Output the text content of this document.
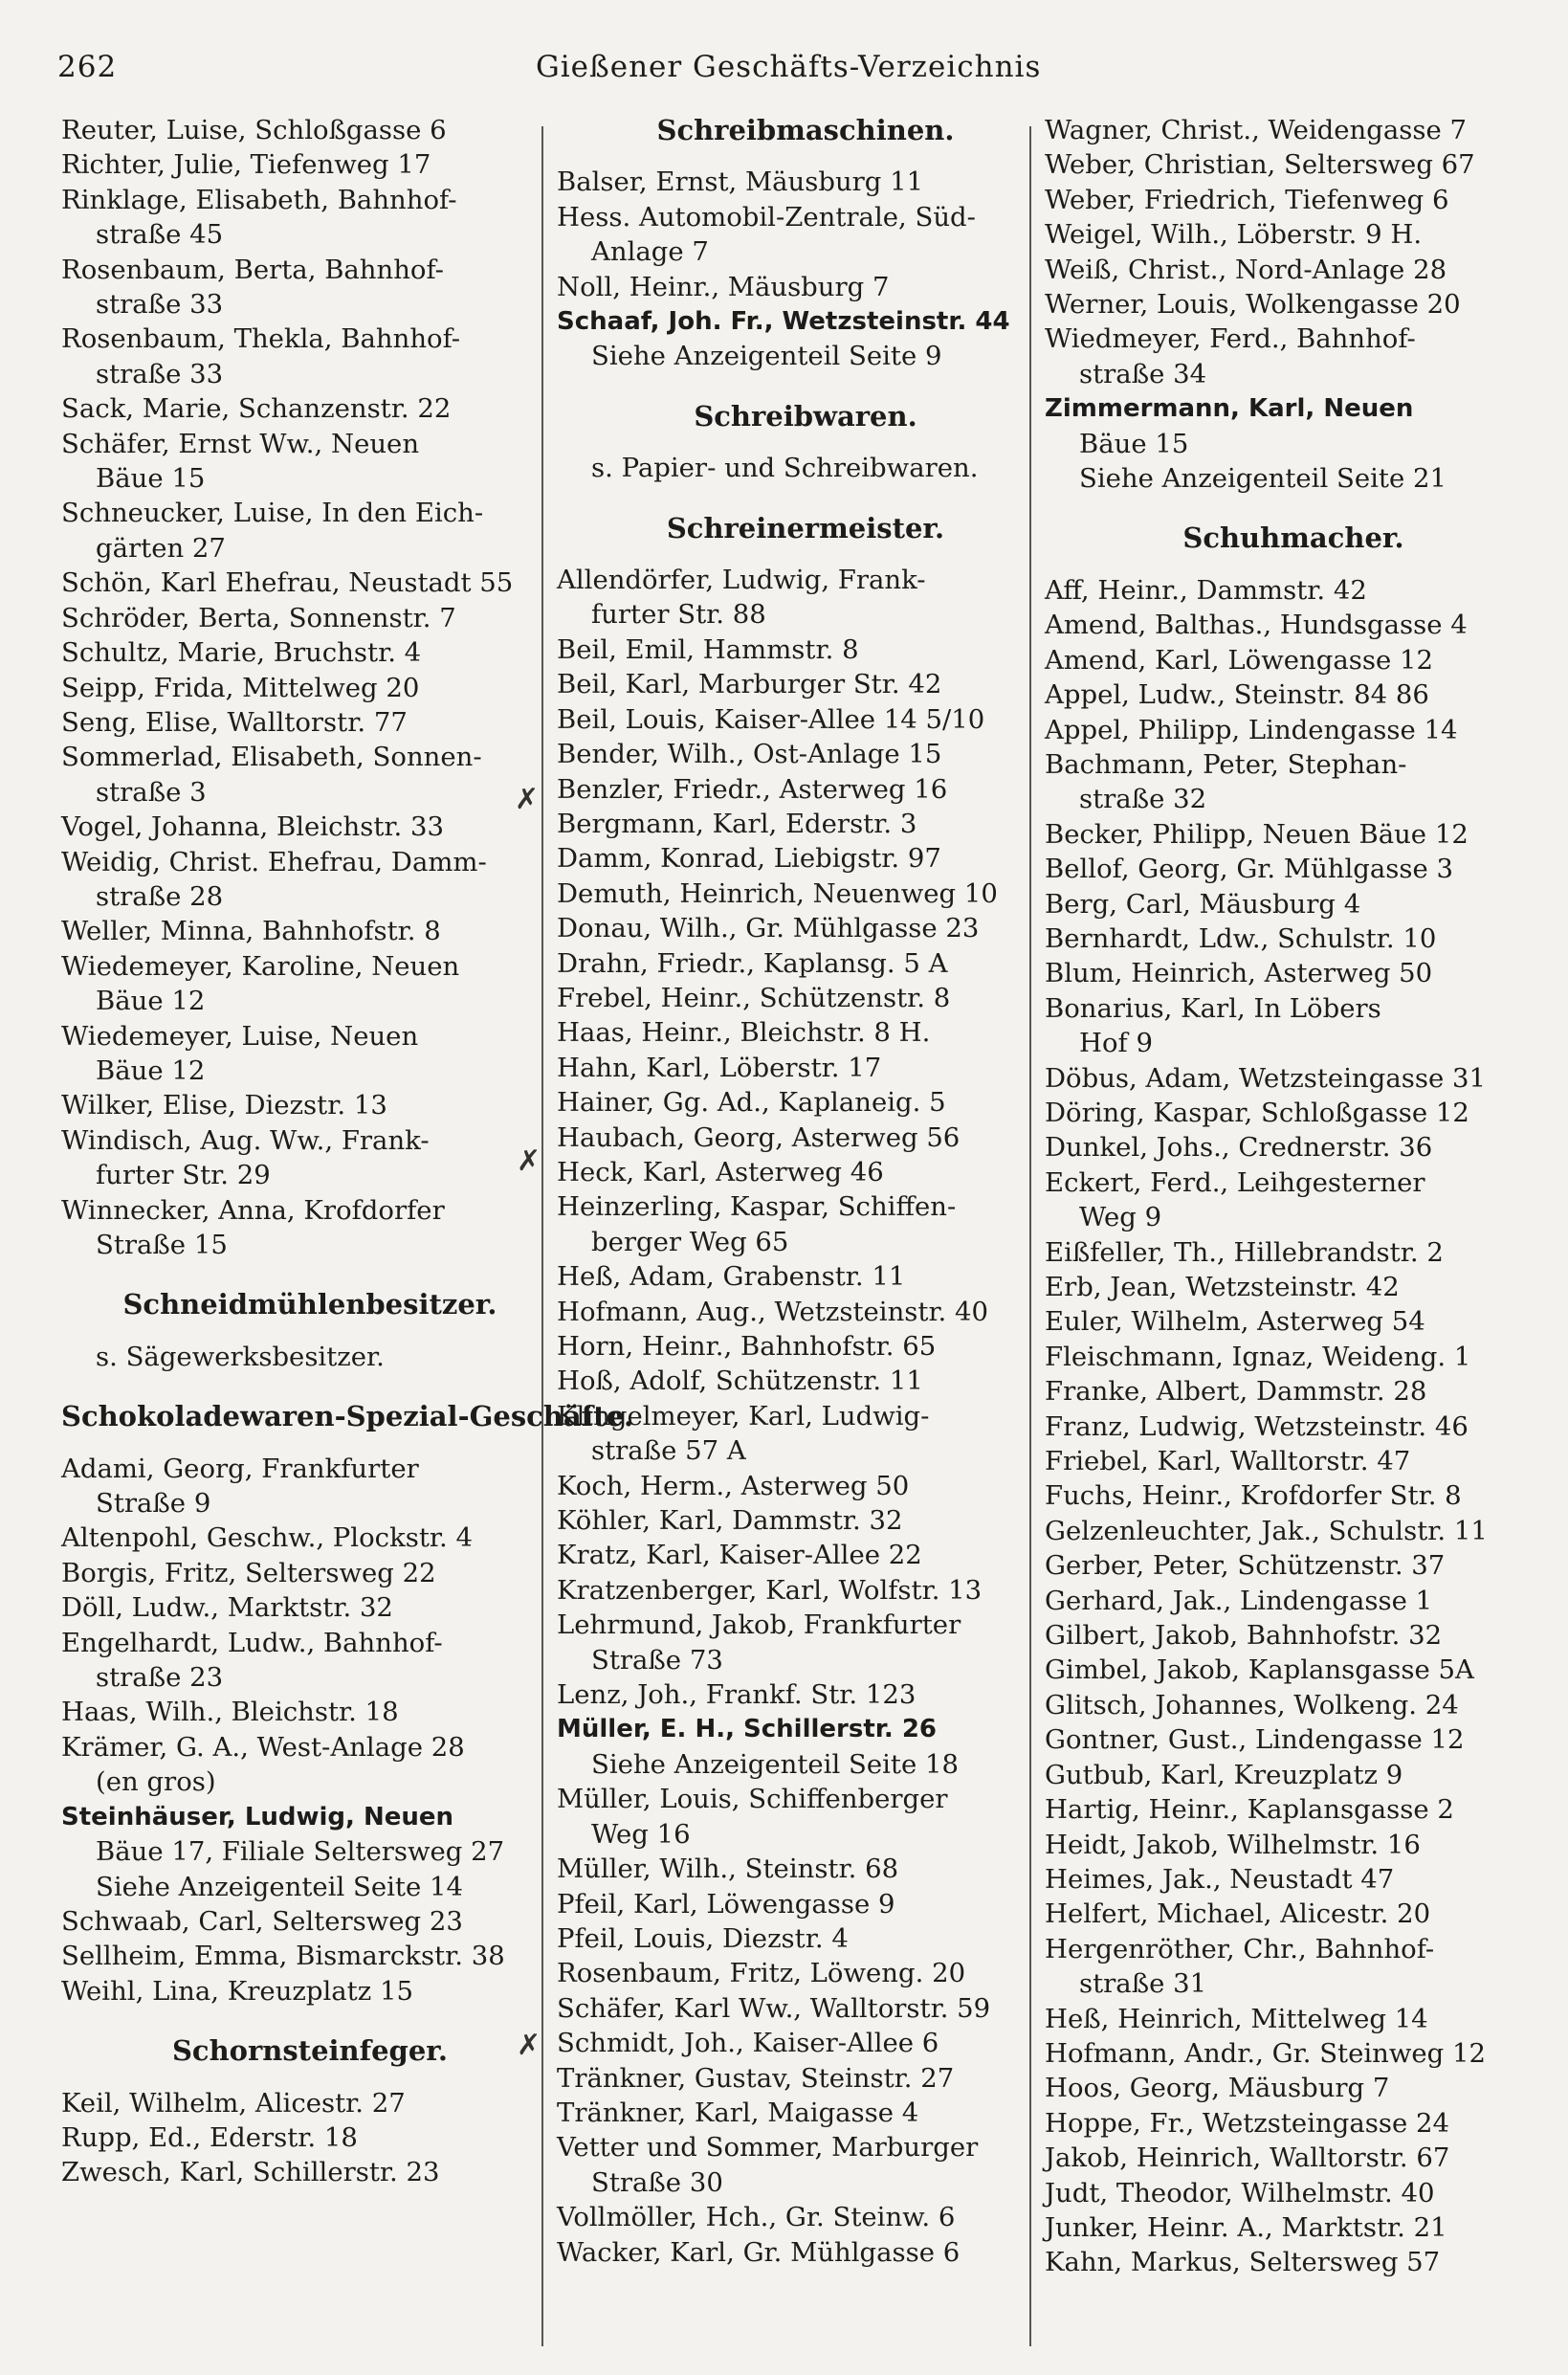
262	Gießener Geschäfts-Verzeichnis
Reuter, Luise, Schloßgasse 6
Richter, Julie, Tiefenweg 17
Rinklage, Elisabeth, Bahnhof-
straße 45
Rosenbaum, Berta, Bahnhof-
straße 33
Rosenbaum, Thekla, Bahnhof-
straße 33
Sack, Marie, Schanzenstr. 22
Schäfer, Ernst Ww., Neuen
Bäue 15
Schneucker, Luise, In den Eich-
gärten 27
Schön, Karl Ehefrau, Neustadt 55
Schröder, Berta, Sonnenstr. 7
Schultz, Marie, Bruchstr. 4
Seipp, Frida, Mittelweg 20
Seng, Elise, Walltorstr. 77
Sommerlad, Elisabeth, Sonnen-
straße 3
Vogel, Johanna, Bleichstr. 33
Weidig, Christ. Ehefrau, Damm-
straße 28
Weller, Minna, Bahnhofstr. 8
Wiedemeyer, Karoline, Neuen
Bäue 12
Wiedemeyer, Luise, Neuen
Bäue 12
Wilker, Elise, Diezstr. 13
Windisch, Aug. Ww., Frank-
furter Str. 29
Winnecker, Anna, Krofdorfer
Straße 15
Schneidmühlenbesitzer.
s. Sägewerksbesitzer.
Schokoladewaren-Spezial-Geschäfte.
Adami, Georg, Frankfurter
Straße 9
Altenpohl, Geschw., Plockstr. 4
Borgis, Fritz, Seltersweg 22
Döll, Ludw., Marktstr. 32
Engelhardt, Ludw., Bahnhof-
straße 23
Haas, Wilh., Bleichstr. 18
Krämer, G. A., West-Anlage 28
(en gros)
Steinhäuser, Ludwig, Neuen
Bäue 17, Filiale Seltersweg 27
Siehe Anzeigenteil Seite 14
Schwaab, Carl, Seltersweg 23
Sellheim, Emma, Bismarckstr. 38
Weihl, Lina, Kreuzplatz 15
Schornsteinfeger.
Keil, Wilhelm, Alicestr. 27
Rupp, Ed., Ederstr. 18
Zwesch, Karl, Schillerstr. 23
Schreibmaschinen.
Balser, Ernst, Mäusburg 11
Hess. Automobil-Zentrale, Süd-
Anlage 7
Noll, Heinr., Mäusburg 7
Schaaf, Joh. Fr., Wetzsteinstr. 44
Siehe Anzeigenteil Seite 9
Schreibwaren.
s. Papier- und Schreibwaren.
Schreinermeister.
Allendörfer, Ludwig, Frank-
furter Str. 88
Beil, Emil, Hammstr. 8
Beil, Karl, Marburger Str. 42
Beil, Louis, Kaiser-Allee 14 5/10
Bender, Wilh., Ost-Anlage 15
Benzler, Friedr., Asterweg 16
Bergmann, Karl, Ederstr. 3
Damm, Konrad, Liebigstr. 97
Demuth, Heinrich, Neuenweg 10
Donau, Wilh., Gr. Mühlgasse 23
Drahn, Friedr., Kaplansg. 5 A
Frebel, Heinr., Schützenstr. 8
Haas, Heinr., Bleichstr. 8 H.
Hahn, Karl, Löberstr. 17
Hainer, Gg. Ad., Kaplaneig. 5
Haubach, Georg, Asterweg 56
Heck, Karl, Asterweg 46
Heinzerling, Kaspar, Schiffen-
berger Weg 65
Heß, Adam, Grabenstr. 11
Hofmann, Aug., Wetzsteinstr. 40
Horn, Heinr., Bahnhofstr. 65
Hoß, Adolf, Schützenstr. 11
Klingelmeyer, Karl, Ludwig-
straße 57 A
Koch, Herm., Asterweg 50
Köhler, Karl, Dammstr. 32
Kratz, Karl, Kaiser-Allee 22
Kratzenberger, Karl, Wolfstr. 13
Lehrmund, Jakob, Frankfurter
Straße 73
Lenz, Joh., Frankf. Str. 123
Müller, E. H., Schillerstr. 26
Siehe Anzeigenteil Seite 18
Müller, Louis, Schiffenberger
Weg 16
Müller, Wilh., Steinstr. 68
Pfeil, Karl, Löwengasse 9
Pfeil, Louis, Diezstr. 4
Rosenbaum, Fritz, Löweng. 20
Schäfer, Karl Ww., Walltorstr. 59
Schmidt, Joh., Kaiser-Allee 6
Tränkner, Gustav, Steinstr. 27
Tränkner, Karl, Maigasse 4
Vetter und Sommer, Marburger
Straße 30
Vollmöller, Hch., Gr. Steinw. 6
Wacker, Karl, Gr. Mühlgasse 6
Wagner, Christ., Weidengasse 7
Weber, Christian, Seltersweg 67
Weber, Friedrich, Tiefenweg 6
Weigel, Wilh., Löberstr. 9 H.
Weiß, Christ., Nord-Anlage 28
Werner, Louis, Wolkengasse 20
Wiedmeyer, Ferd., Bahnhof-
straße 34
Zimmermann, Karl, Neuen
Bäue 15
Siehe Anzeigenteil Seite 21
Schuhmacher.
Aff, Heinr., Dammstr. 42
Amend, Balthas., Hundsgasse 4
Amend, Karl, Löwengasse 12
Appel, Ludw., Steinstr. 84 86
Appel, Philipp, Lindengasse 14
Bachmann, Peter, Stephan-
straße 32
Becker, Philipp, Neuen Bäue 12
Bellof, Georg, Gr. Mühlgasse 3
Berg, Carl, Mäusburg 4
Bernhardt, Ldw., Schulstr. 10
Blum, Heinrich, Asterweg 50
Bonarius, Karl, In Löbers
Hof 9
Döbus, Adam, Wetzsteingasse 31
Döring, Kaspar, Schloßgasse 12
Dunkel, Johs., Crednerstr. 36
Eckert, Ferd., Leihgesterner
Weg 9
Eißfeller, Th., Hillebrandstr. 2
Erb, Jean, Wetzsteinstr. 42
Euler, Wilhelm, Asterweg 54
Fleischmann, Ignaz, Weideng. 1
Franke, Albert, Dammstr. 28
Franz, Ludwig, Wetzsteinstr. 46
Friebel, Karl, Walltorstr. 47
Fuchs, Heinr., Krofdorfer Str. 8
Gelzenleuchter, Jak., Schulstr. 11
Gerber, Peter, Schützenstr. 37
Gerhard, Jak., Lindengasse 1
Gilbert, Jakob, Bahnhofstr. 32
Gimbel, Jakob, Kaplansgasse 5A
Glitsch, Johannes, Wolkeng. 24
Gontner, Gust., Lindengasse 12
Gutbub, Karl, Kreuzplatz 9
Hartig, Heinr., Kaplansgasse 2
Heidt, Jakob, Wilhelmstr. 16
Heimes, Jak., Neustadt 47
Helfert, Michael, Alicestr. 20
Hergenröther, Chr., Bahnhof-
straße 31
Heß, Heinrich, Mittelweg 14
Hofmann, Andr., Gr. Steinweg 12
Hoos, Georg, Mäusburg 7
Hoppe, Fr., Wetzsteingasse 24
Jakob, Heinrich, Walltorstr. 67
Judt, Theodor, Wilhelmstr. 40
Junker, Heinr. A., Marktstr. 21
Kahn, Markus, Seltersweg 57
✗
✗
✗
